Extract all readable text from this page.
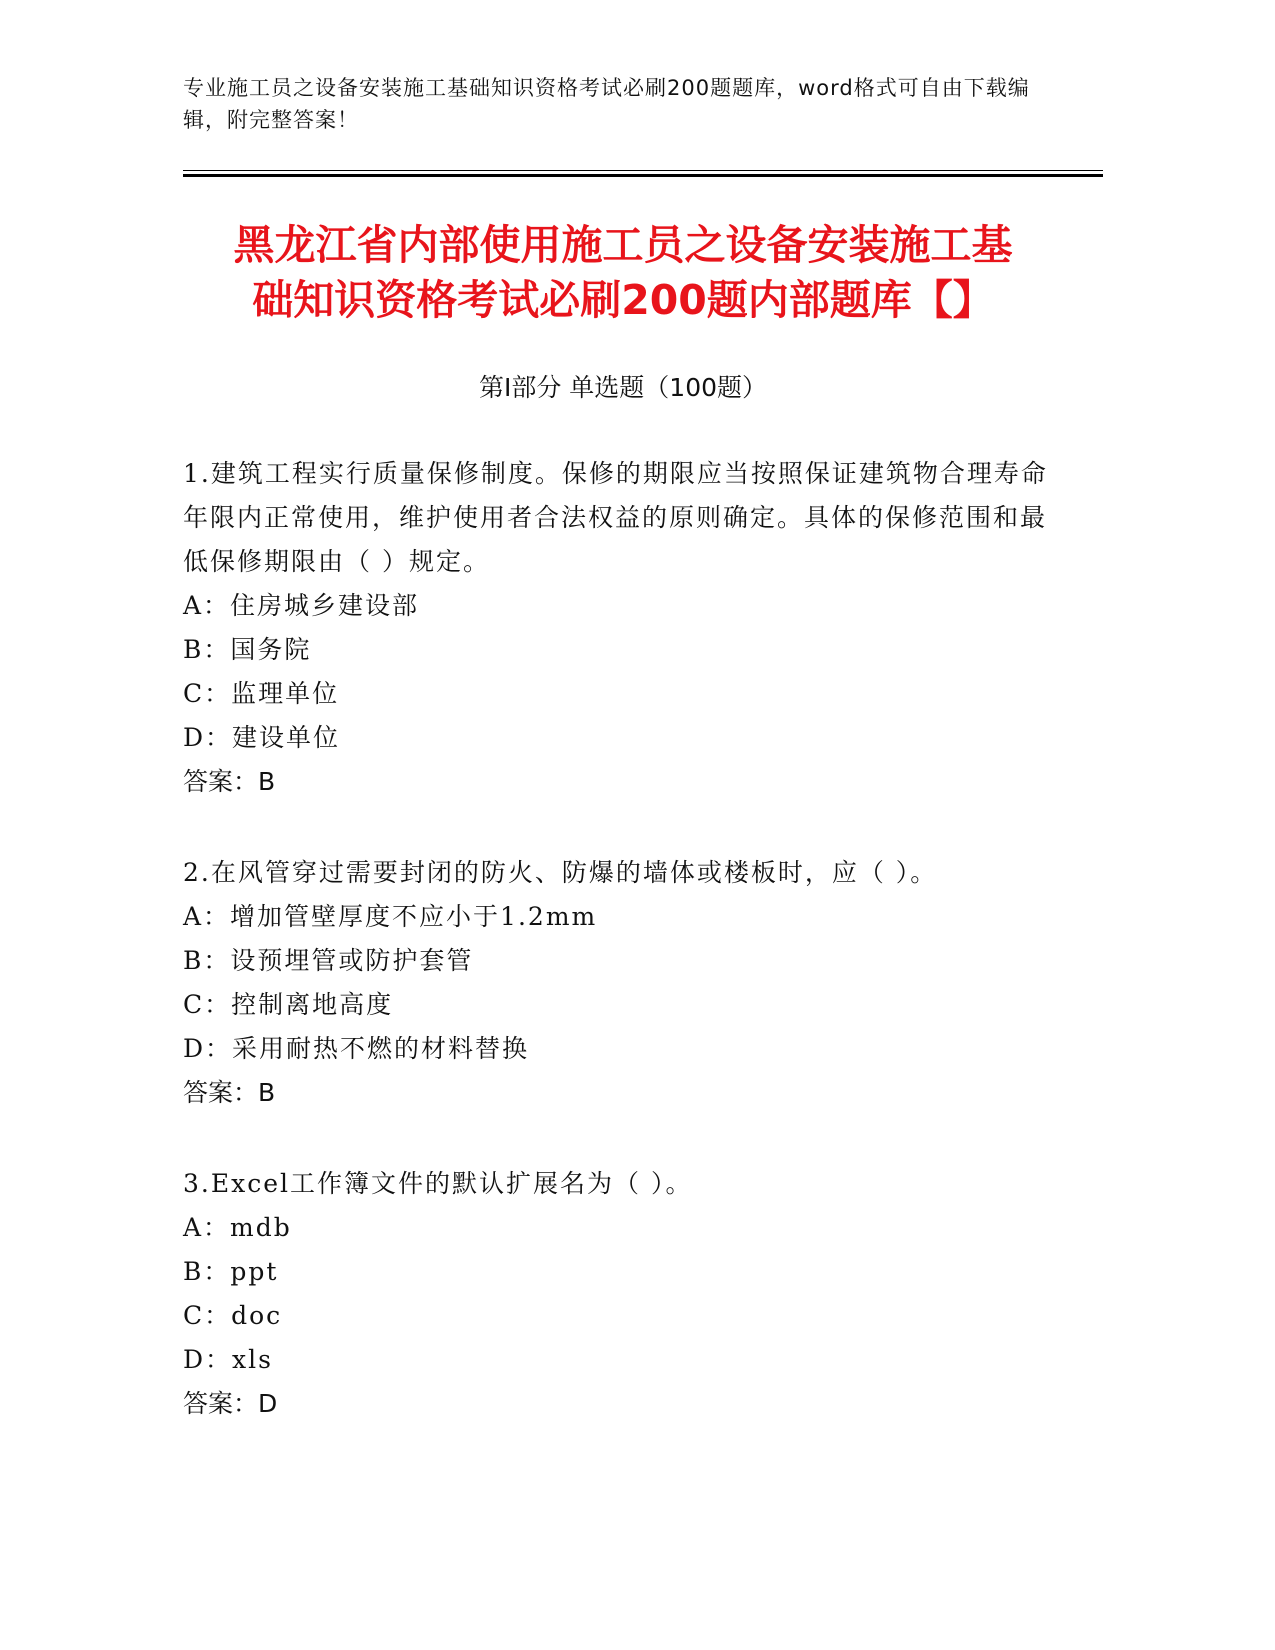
专业施工员之设备安装施工基础知识资格考试必刷200题题库，word格式可自由下载编辑，附完整答案！
黑龙江省内部使用施工员之设备安装施工基
础知识资格考试必刷200题内部题库【】
第Ⅰ部分 单选题（100题）
1.建筑工程实行质量保修制度。保修的期限应当按照保证建筑物合理寿命年限内正常使用，维护使用者合法权益的原则确定。具体的保修范围和最低保修期限由（ ）规定。
A：住房城乡建设部
B：国务院
C：监理单位
D：建设单位
答案：B
2.在风管穿过需要封闭的防火、防爆的墙体或楼板时，应（ ）。
A：增加管壁厚度不应小于1.2mm
B：设预埋管或防护套管
C：控制离地高度
D：采用耐热不燃的材料替换
答案：B
3.Excel工作簿文件的默认扩展名为（ ）。
A：mdb
B：ppt
C：doc
D：xls
答案：D
